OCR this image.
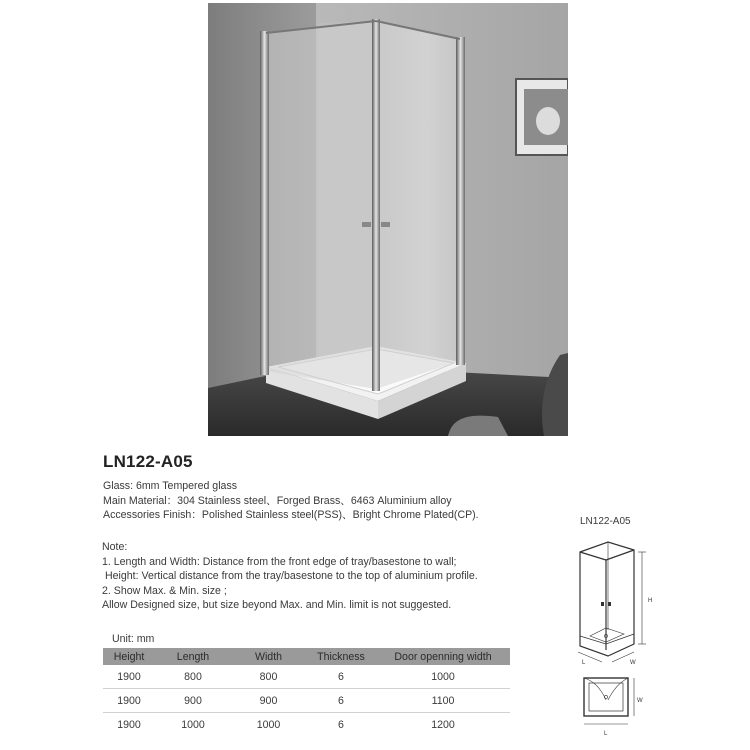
LN122-A05
Glass: 6mm Tempered glass
Main Material：304 Stainless steel、Forged Brass、6463 Aluminium alloy
Accessories Finish：Polished Stainless steel(PSS)、Bright Chrome Plated(CP).
Note:
1. Length and Width: Distance from the front edge of tray/basestone to wall;
Height: Vertical distance from the tray/basestone to the top of aluminium profile.
2. Show Max. & Min. size ;
Allow Designed size, but size beyond Max. and Min. limit is not suggested.
Unit: mm
Height	Length	Width	Thickness	Door openning width
1900	800	800	6	1000
1900	900	900	6	1100
1900	1000	1000	6	1200
LN122-A05
H
L	W
W
L
